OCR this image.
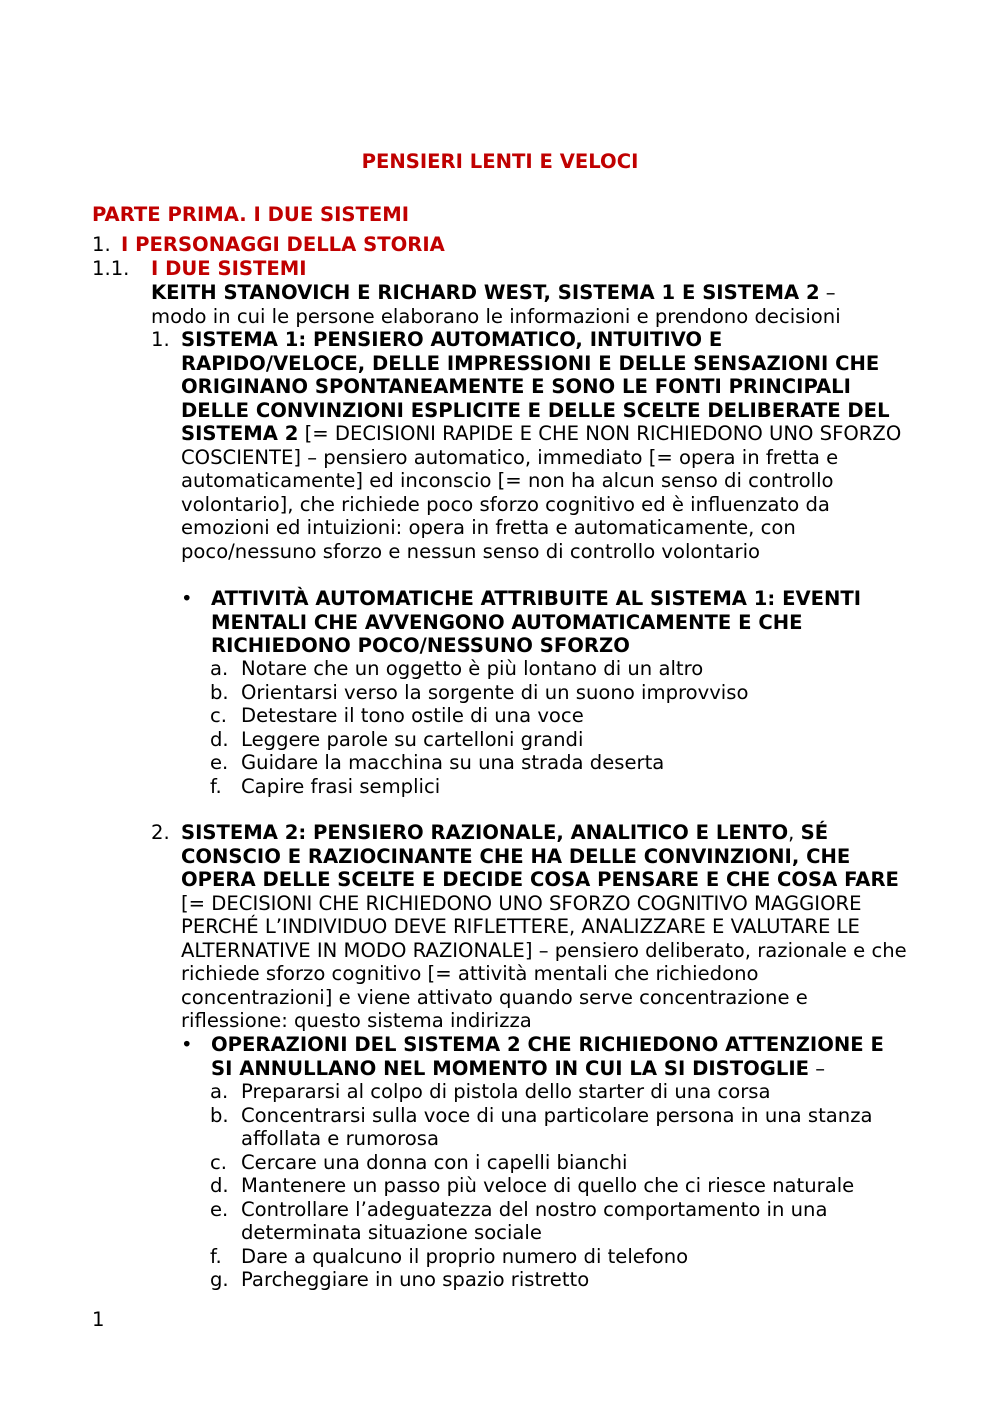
PENSIERI LENTI E VELOCI
PARTE PRIMA. I DUE SISTEMI
1. I PERSONAGGI DELLA STORIA
1.1. I DUE SISTEMI
KEITH STANOVICH E RICHARD WEST, SISTEMA 1 E SISTEMA 2 – modo in cui le persone elaborano le informazioni e prendono decisioni
1. SISTEMA 1: PENSIERO AUTOMATICO, INTUITIVO E RAPIDO/VELOCE, DELLE IMPRESSIONI E DELLE SENSAZIONI CHE ORIGINANO SPONTANEAMENTE E SONO LE FONTI PRINCIPALI DELLE CONVINZIONI ESPLICITE E DELLE SCELTE DELIBERATE DEL SISTEMA 2 [= DECISIONI RAPIDE E CHE NON RICHIEDONO UNO SFORZO COSCIENTE] – pensiero automatico, immediato [= opera in fretta e automaticamente] ed inconscio [= non ha alcun senso di controllo volontario], che richiede poco sforzo cognitivo ed è influenzato da emozioni ed intuizioni: opera in fretta e automaticamente, con poco/nessuno sforzo e nessun senso di controllo volontario
• ATTIVITÀ AUTOMATICHE ATTRIBUITE AL SISTEMA 1: EVENTI MENTALI CHE AVVENGONO AUTOMATICAMENTE E CHE RICHIEDONO POCO/NESSUNO SFORZO
a. Notare che un oggetto è più lontano di un altro
b. Orientarsi verso la sorgente di un suono improvviso
c. Detestare il tono ostile di una voce
d. Leggere parole su cartelloni grandi
e. Guidare la macchina su una strada deserta
f. Capire frasi semplici
2. SISTEMA 2: PENSIERO RAZIONALE, ANALITICO E LENTO, SÉ CONSCIO E RAZIOCINANTE CHE HA DELLE CONVINZIONI, CHE OPERA DELLE SCELTE E DECIDE COSA PENSARE E CHE COSA FARE [= DECISIONI CHE RICHIEDONO UNO SFORZO COGNITIVO MAGGIORE PERCHÉ L’INDIVIDUO DEVE RIFLETTERE, ANALIZZARE E VALUTARE LE ALTERNATIVE IN MODO RAZIONALE] – pensiero deliberato, razionale e che richiede sforzo cognitivo [= attività mentali che richiedono concentrazioni] e viene attivato quando serve concentrazione e riflessione: questo sistema indirizza
• OPERAZIONI DEL SISTEMA 2 CHE RICHIEDONO ATTENZIONE E SI ANNULLANO NEL MOMENTO IN CUI LA SI DISTOGLIE –
a. Prepararsi al colpo di pistola dello starter di una corsa
b. Concentrarsi sulla voce di una particolare persona in una stanza affollata e rumorosa
c. Cercare una donna con i capelli bianchi
d. Mantenere un passo più veloce di quello che ci riesce naturale
e. Controllare l’adeguatezza del nostro comportamento in una determinata situazione sociale
f. Dare a qualcuno il proprio numero di telefono
g. Parcheggiare in uno spazio ristretto
1
